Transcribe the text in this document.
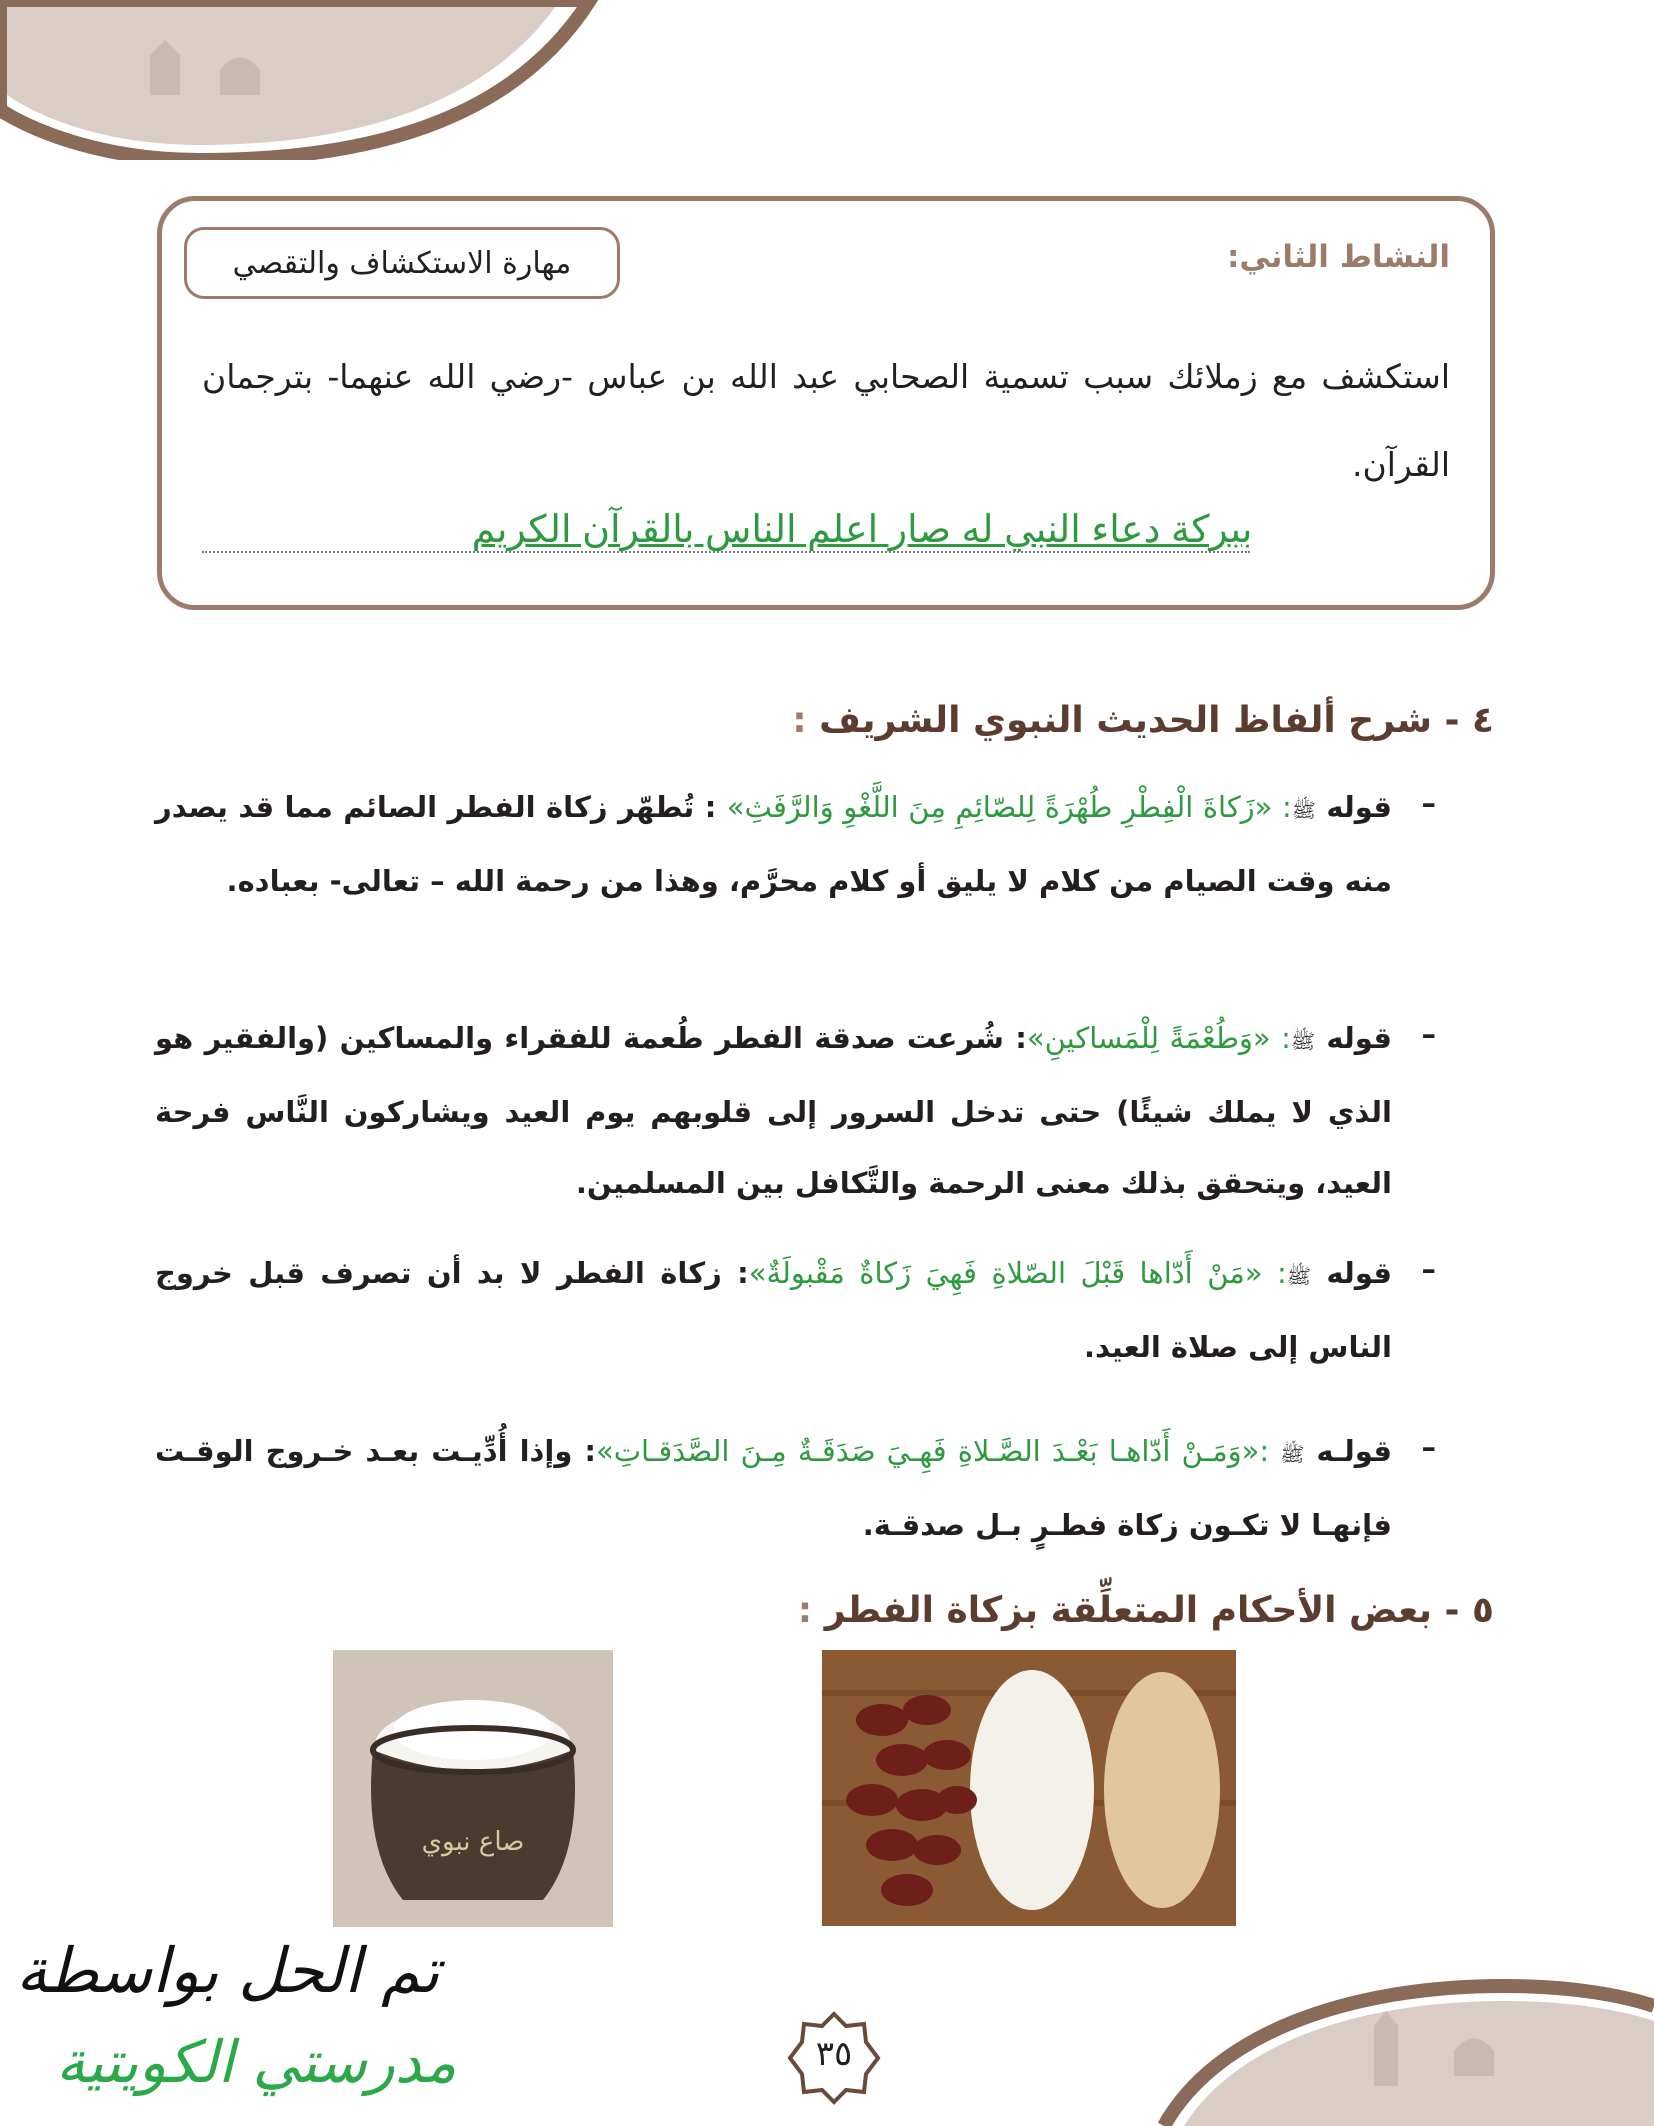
النشاط الثاني:
مهارة الاستكشاف والتقصي
استكشف مع زملائك سبب تسمية الصحابي عبد الله بن عباس -رضي الله عنهما- بترجمان القرآن.
ببركة دعاء النبي له صار اعلم الناس بالقرآن الكريم
٤ - شرح ألفاظ الحديث النبوي الشريف :
–
قوله ﷺ: «زَكاةَ الْفِطْرِ طُهْرَةً لِلصّائِمِ مِنَ اللَّغْوِ وَالرَّفَثِ» : تُطهّر زكاة الفطر الصائم مما قد يصدر منه وقت الصيام من كلام لا يليق أو كلام محرَّم، وهذا من رحمة الله – تعالى- بعباده.
–
قوله ﷺ: «وَطُعْمَةً لِلْمَساكينِ»: شُرعت صدقة الفطر طُعمة للفقراء والمساكين (والفقير هو الذي لا يملك شيئًا) حتى تدخل السرور إلى قلوبهم يوم العيد ويشاركون النَّاس فرحة العيد، ويتحقق بذلك معنى الرحمة والتَّكافل بين المسلمين.
–
قوله ﷺ: «مَنْ أَدّاها قَبْلَ الصّلاةِ فَهِيَ زَكاةٌ مَقْبولَةٌ»: زكاة الفطر لا بد أن تصرف قبل خروج الناس إلى صلاة العيد.
–
قولـه ﷺ :«وَمَـنْ أَدّاهـا بَعْـدَ الصَّـلاةِ فَهِـيَ صَدَقَـةٌ مِـنَ الصَّدَقـاتِ»: وإذا أُدِّيـت بعـد خـروج الوقـت فإنهـا لا تكـون زكاة فطـرٍ بـل صدقـة.
٥ - بعض الأحكام المتعلِّقة بزكاة الفطر :
صاع نبوي
تم الحل بواسطة
مدرستي الكويتية	٣٥
